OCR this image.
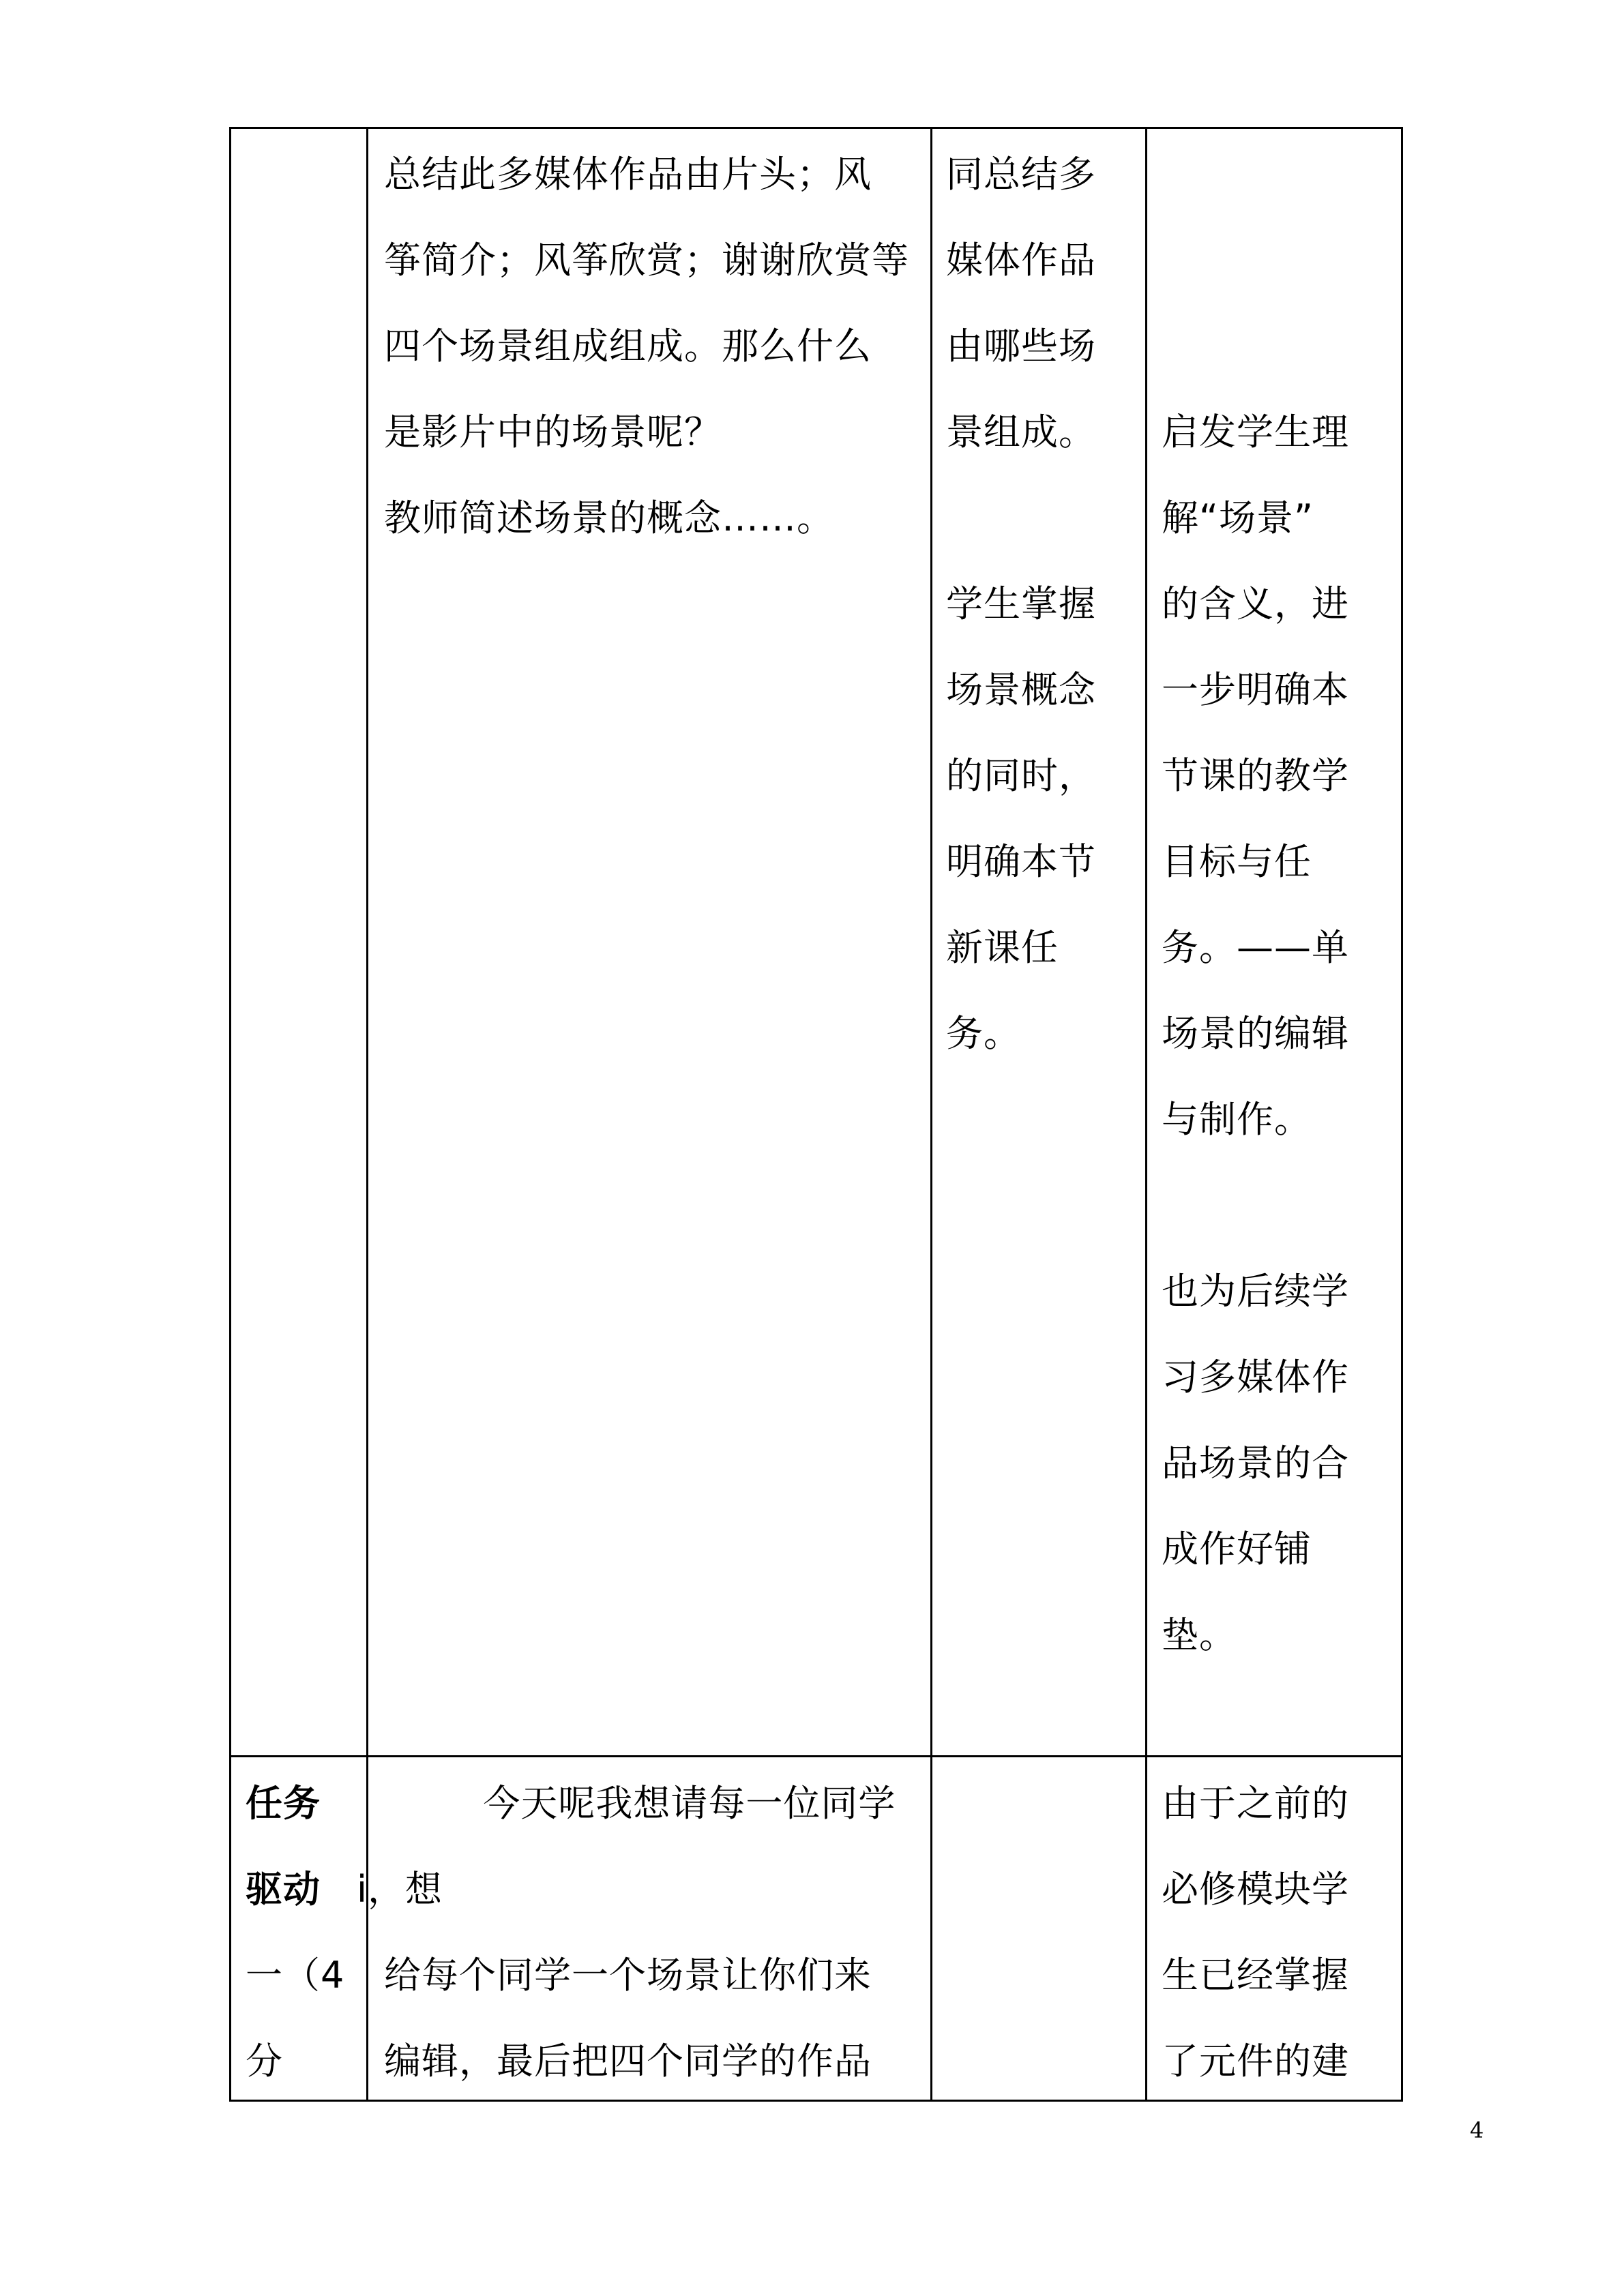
总结此多媒体作品由片头；风

筝简介；风筝欣赏；谢谢欣赏等

四个场景组成组成。那么什么

是影片中的场景呢？

教师简述场景的概念……。

同总结多

媒体作品

由哪些场

景组成。

学生掌握

场景概念

的同时，

明确本节

新课任

务。

启发学生理

解“场景”

的含义，进

一步明确本

节课的教学

目标与任

务。——单

场景的编辑

与制作。

也为后续学

习多媒体作

品场景的合

成作好铺

垫。

任务

驱动

一（4

分

今天呢我想请每一位同学

i，想

给每个同学一个场景让你们来

编辑，最后把四个同学的作品

由于之前的

必修模块学

生已经掌握

了元件的建

4
